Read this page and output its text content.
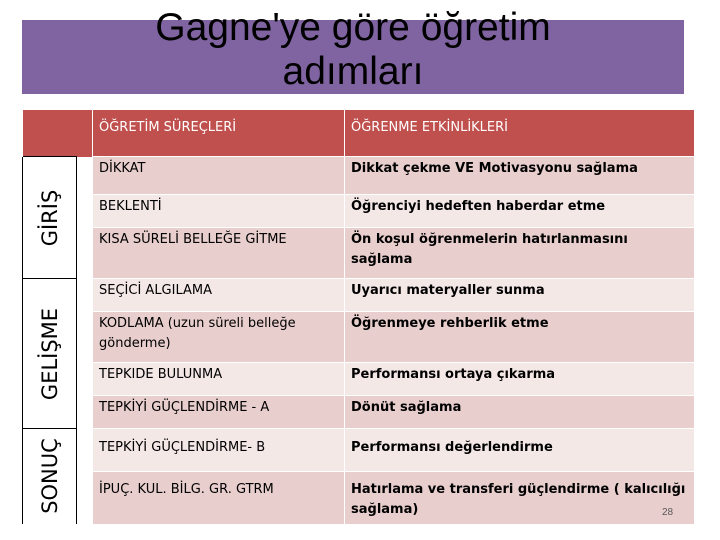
Gagne'ye göre öğretim
adımları
		ÖĞRETİM SÜREÇLERİ	ÖĞRENME ETKİNLİKLERİ

GİRİŞ		DİKKAT	Dikkat çekme VE Motivasyonu sağlama
		BEKLENTİ	Öğrenciyi hedeften haberdar etme
		KISA SÜRELİ BELLEĞE GİTME	Ön koşul öğrenmelerin hatırlanmasını sağlama

GELİŞME		SEÇİCİ ALGILAMA	Uyarıcı materyaller sunma
		KODLAMA (uzun süreli belleğe gönderme)	Öğrenmeye rehberlik etme
		TEPKIDE BULUNMA	Performansı ortaya çıkarma
		TEPKİYİ GÜÇLENDİRME - A	Dönüt sağlama

SONUÇ		TEPKİYİ GÜÇLENDİRME- B	Performansı değerlendirme
		İPUÇ. KUL. BİLG. GR. GTRM	Hatırlama ve transferi güçlendirme ( kalıcılığı sağlama)	28
